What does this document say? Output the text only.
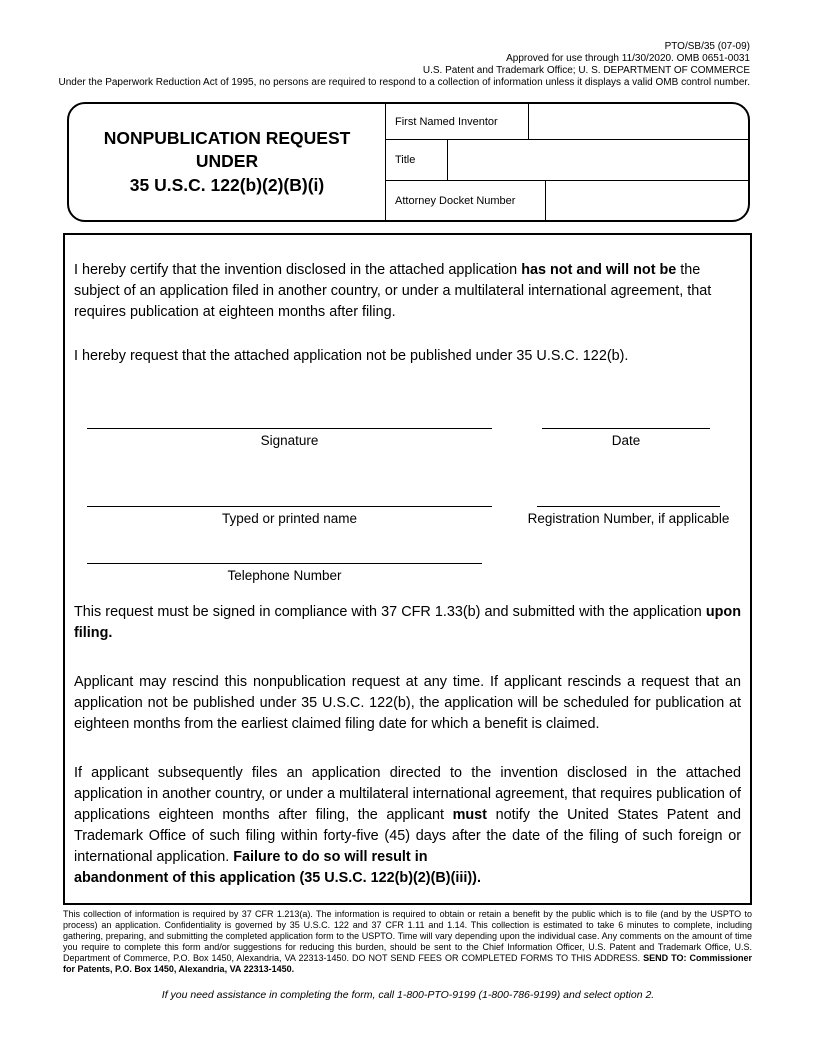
PTO/SB/35 (07-09)
Approved for use through 11/30/2020. OMB 0651-0031
U.S. Patent and Trademark Office; U. S. DEPARTMENT OF COMMERCE
Under the Paperwork Reduction Act of 1995, no persons are required to respond to a collection of information unless it displays a valid OMB control number.
NONPUBLICATION REQUEST
UNDER
35 U.S.C. 122(b)(2)(B)(i)
First Named Inventor
Title
Attorney Docket Number

I hereby certify that the invention disclosed in the attached application has not and will not be the subject of an application filed in another country, or under a multilateral international agreement, that requires publication at eighteen months after filing.

I hereby request that the attached application not be published under 35 U.S.C. 122(b).

Signature	Date
Typed or printed name	Registration Number, if applicable
Telephone Number

This request must be signed in compliance with 37 CFR 1.33(b) and submitted with the application upon filing.

Applicant may rescind this nonpublication request at any time. If applicant rescinds a request that an application not be published under 35 U.S.C. 122(b), the application will be scheduled for publication at eighteen months from the earliest claimed filing date for which a benefit is claimed.

If applicant subsequently files an application directed to the invention disclosed in the attached application in another country, or under a multilateral international agreement, that requires publication of applications eighteen months after filing, the applicant must notify the United States Patent and Trademark Office of such filing within forty-five (45) days after the date of the filing of such foreign or international application. Failure to do so will result in
abandonment of this application (35 U.S.C. 122(b)(2)(B)(iii)).

This collection of information is required by 37 CFR 1.213(a). The information is required to obtain or retain a benefit by the public which is to file (and by the USPTO to process) an application. Confidentiality is governed by 35 U.S.C. 122 and 37 CFR 1.11 and 1.14. This collection is estimated to take 6 minutes to complete, including gathering, preparing, and submitting the completed application form to the USPTO. Time will vary depending upon the individual case. Any comments on the amount of time you require to complete this form and/or suggestions for reducing this burden, should be sent to the Chief Information Officer, U.S. Patent and Trademark Office, U.S. Department of Commerce, P.O. Box 1450, Alexandria, VA 22313-1450. DO NOT SEND FEES OR COMPLETED FORMS TO THIS ADDRESS. SEND TO: Commissioner for Patents, P.O. Box 1450, Alexandria, VA 22313-1450.
If you need assistance in completing the form, call 1-800-PTO-9199 (1-800-786-9199) and select option 2.
